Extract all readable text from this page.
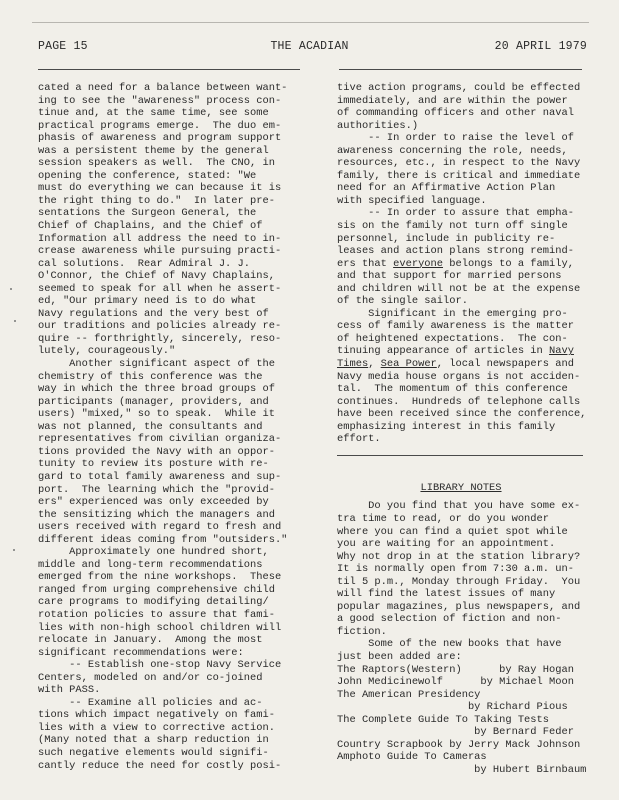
PAGE 15	THE ACADIAN	20 APRIL 1979
cated a need for a balance between want-
ing to see the "awareness" process con-
tinue and, at the same time, see some
practical programs emerge.  The duo em-
phasis of awareness and program support
was a persistent theme by the general
session speakers as well.  The CNO, in
opening the conference, stated: "We
must do everything we can because it is
the right thing to do."  In later pre-
sentations the Surgeon General, the
Chief of Chaplains, and the Chief of
Information all address the need to in-
crease awareness while pursuing practi-
cal solutions.  Rear Admiral J. J.
O'Connor, the Chief of Navy Chaplains,
seemed to speak for all when he assert-
ed, "Our primary need is to do what
Navy regulations and the very best of
our traditions and policies already re-
quire -- forthrightly, sincerely, reso-
lutely, courageously."
Another significant aspect of the
chemistry of this conference was the
way in which the three broad groups of
participants (manager, providers, and
users) "mixed," so to speak.  While it
was not planned, the consultants and
representatives from civilian organiza-
tions provided the Navy with an oppor-
tunity to review its posture with re-
gard to total family awareness and sup-
port.  The learning which the "provid-
ers" experienced was only exceeded by
the sensitizing which the managers and
users received with regard to fresh and
different ideas coming from "outsiders."
Approximately one hundred short,
middle and long-term recommendations
emerged from the nine workshops.  These
ranged from urging comprehensive child
care programs to modifying detailing/
rotation policies to assure that fami-
lies with non-high school children will
relocate in January.  Among the most
significant recommendations were:
-- Establish one-stop Navy Service
Centers, modeled on and/or co-joined
with PASS.
-- Examine all policies and ac-
tions which impact negatively on fami-
lies with a view to corrective action.
(Many noted that a sharp reduction in
such negative elements would signifi-
cantly reduce the need for costly posi-
tive action programs, could be effected
immediately, and are within the power
of commanding officers and other naval
authorities.)
-- In order to raise the level of
awareness concerning the role, needs,
resources, etc., in respect to the Navy
family, there is critical and immediate
need for an Affirmative Action Plan
with specified language.
-- In order to assure that empha-
sis on the family not turn off single
personnel, include in publicity re-
leases and action plans strong remind-
ers that everyone belongs to a family,
and that support for married persons
and children will not be at the expense
of the single sailor.
Significant in the emerging pro-
cess of family awareness is the matter
of heightened expectations.  The con-
tinuing appearance of articles in Navy
Times, Sea Power, local newspapers and
Navy media house organs is not acciden-
tal.  The momentum of this conference
continues.  Hundreds of telephone calls
have been received since the conference,
emphasizing interest in this family
effort.
LIBRARY NOTES
Do you find that you have some ex-
tra time to read, or do you wonder
where you can find a quiet spot while
you are waiting for an appointment.
Why not drop in at the station library?
It is normally open from 7:30 a.m. un-
til 5 p.m., Monday through Friday.  You
will find the latest issues of many
popular magazines, plus newspapers, and
a good selection of fiction and non-
fiction.
Some of the new books that have
just been added are:
The Raptors(Western)      by Ray Hogan
John Medicinewolf      by Michael Moon
The American Presidency
by Richard Pious
The Complete Guide To Taking Tests
by Bernard Feder
Country Scrapbook by Jerry Mack Johnson
Amphoto Guide To Cameras
by Hubert Birnbaum
